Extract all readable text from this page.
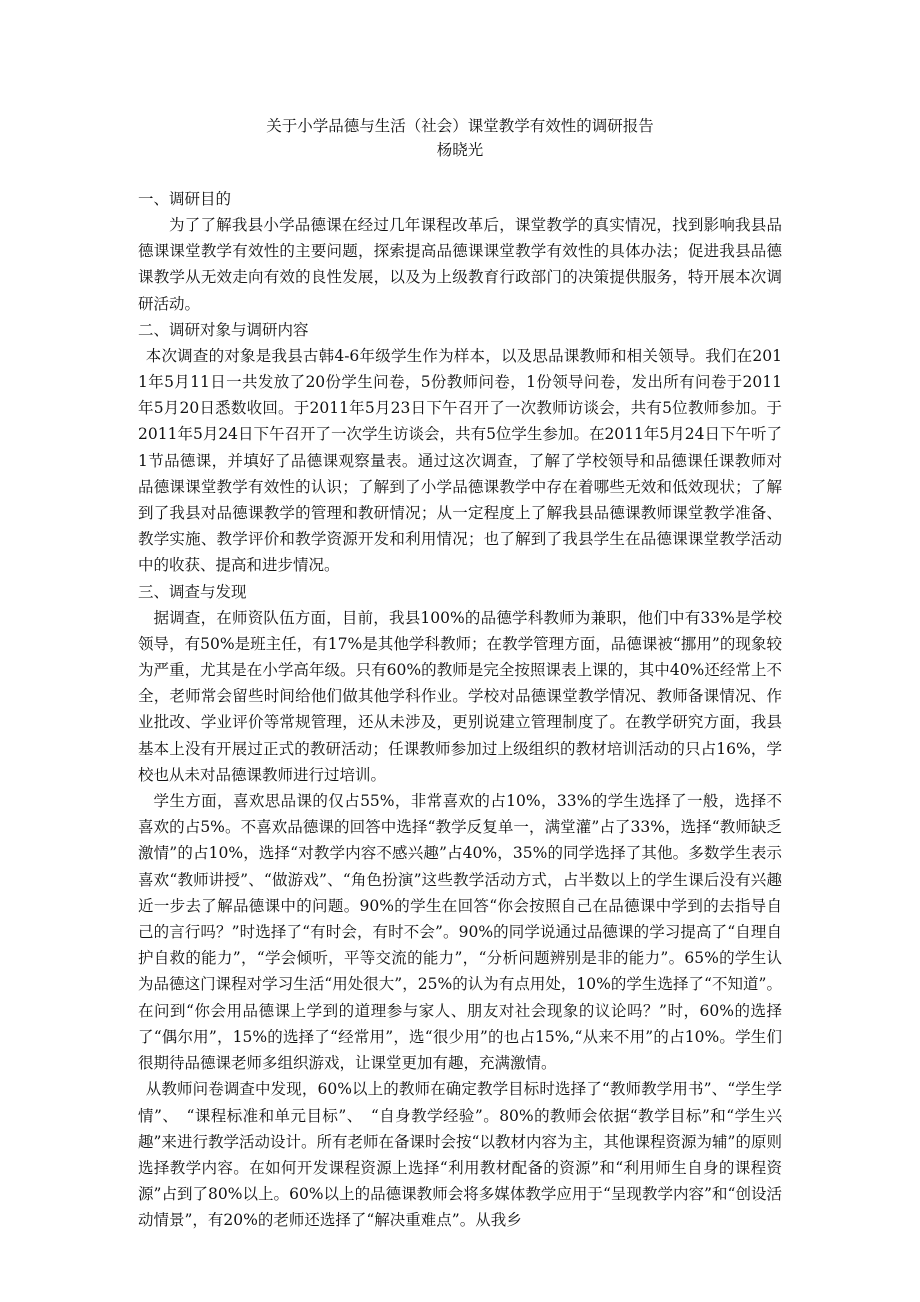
关于小学品德与生活（社会）课堂教学有效性的调研报告
杨晓光
一、调研目的

为了了解我县小学品德课在经过几年课程改革后，课堂教学的真实情况，找到影响我县品德课课堂教学有效性的主要问题，探索提高品德课课堂教学有效性的具体办法；促进我县品德课教学从无效走向有效的良性发展，以及为上级教育行政部门的决策提供服务，特开展本次调研活动。

二、调研对象与调研内容

本次调查的对象是我县古韩4-6年级学生作为样本，以及思品课教师和相关领导。我们在2011年5月11日一共发放了20份学生问卷，5份教师问卷，1份领导问卷，发出所有问卷于2011年5月20日悉数收回。于2011年5月23日下午召开了一次教师访谈会，共有5位教师参加。于2011年5月24日下午召开了一次学生访谈会，共有5位学生参加。在2011年5月24日下午听了1节品德课，并填好了品德课观察量表。通过这次调查，了解了学校领导和品德课任课教师对品德课课堂教学有效性的认识；了解到了小学品德课教学中存在着哪些无效和低效现状；了解到了我县对品德课教学的管理和教研情况；从一定程度上了解我县品德课教师课堂教学准备、教学实施、教学评价和教学资源开发和利用情况；也了解到了我县学生在品德课课堂教学活动中的收获、提高和进步情况。

三、调查与发现

据调查，在师资队伍方面，目前，我县100%的品德学科教师为兼职，他们中有33%是学校领导，有50%是班主任，有17%是其他学科教师；在教学管理方面，品德课被“挪用”的现象较为严重，尤其是在小学高年级。只有60%的教师是完全按照课表上课的，其中40%还经常上不全，老师常会留些时间给他们做其他学科作业。学校对品德课堂教学情况、教师备课情况、作业批改、学业评价等常规管理，还从未涉及，更别说建立管理制度了。在教学研究方面，我县基本上没有开展过正式的教研活动；任课教师参加过上级组织的教材培训活动的只占16%，学校也从未对品德课教师进行过培训。

学生方面，喜欢思品课的仅占55%，非常喜欢的占10%，33%的学生选择了一般，选择不喜欢的占5%。不喜欢品德课的回答中选择“教学反复单一，满堂灌”占了33%，选择“教师缺乏激情”的占10%，选择“对教学内容不感兴趣”占40%，35%的同学选择了其他。多数学生表示喜欢“教师讲授”、“做游戏”、“角色扮演”这些教学活动方式，占半数以上的学生课后没有兴趣近一步去了解品德课中的问题。90%的学生在回答“你会按照自己在品德课中学到的去指导自己的言行吗？”时选择了“有时会，有时不会”。90%的同学说通过品德课的学习提高了“自理自护自救的能力”，“学会倾听，平等交流的能力”，“分析问题辨别是非的能力”。65%的学生认为品德这门课程对学习生活“用处很大”，25%的认为有点用处，10%的学生选择了“不知道”。在问到“你会用品德课上学到的道理参与家人、朋友对社会现象的议论吗？”时，60%的选择了“偶尔用”，15%的选择了“经常用”，选“很少用”的也占15%,“从来不用”的占10%。学生们很期待品德课老师多组织游戏，让课堂更加有趣，充满激情。

从教师问卷调查中发现，60%以上的教师在确定教学目标时选择了“教师教学用书”、“学生学情”、　“课程标准和单元目标”、　“自身教学经验”。80%的教师会依据“教学目标”和“学生兴趣”来进行教学活动设计。所有老师在备课时会按“以教材内容为主，其他课程资源为辅”的原则选择教学内容。在如何开发课程资源上选择“利用教材配备的资源”和“利用师生自身的课程资源”占到了80%以上。60%以上的品德课教师会将多媒体教学应用于“呈现教学内容”和“创设活动情景”，有20%的老师还选择了“解决重难点”。从我乡
